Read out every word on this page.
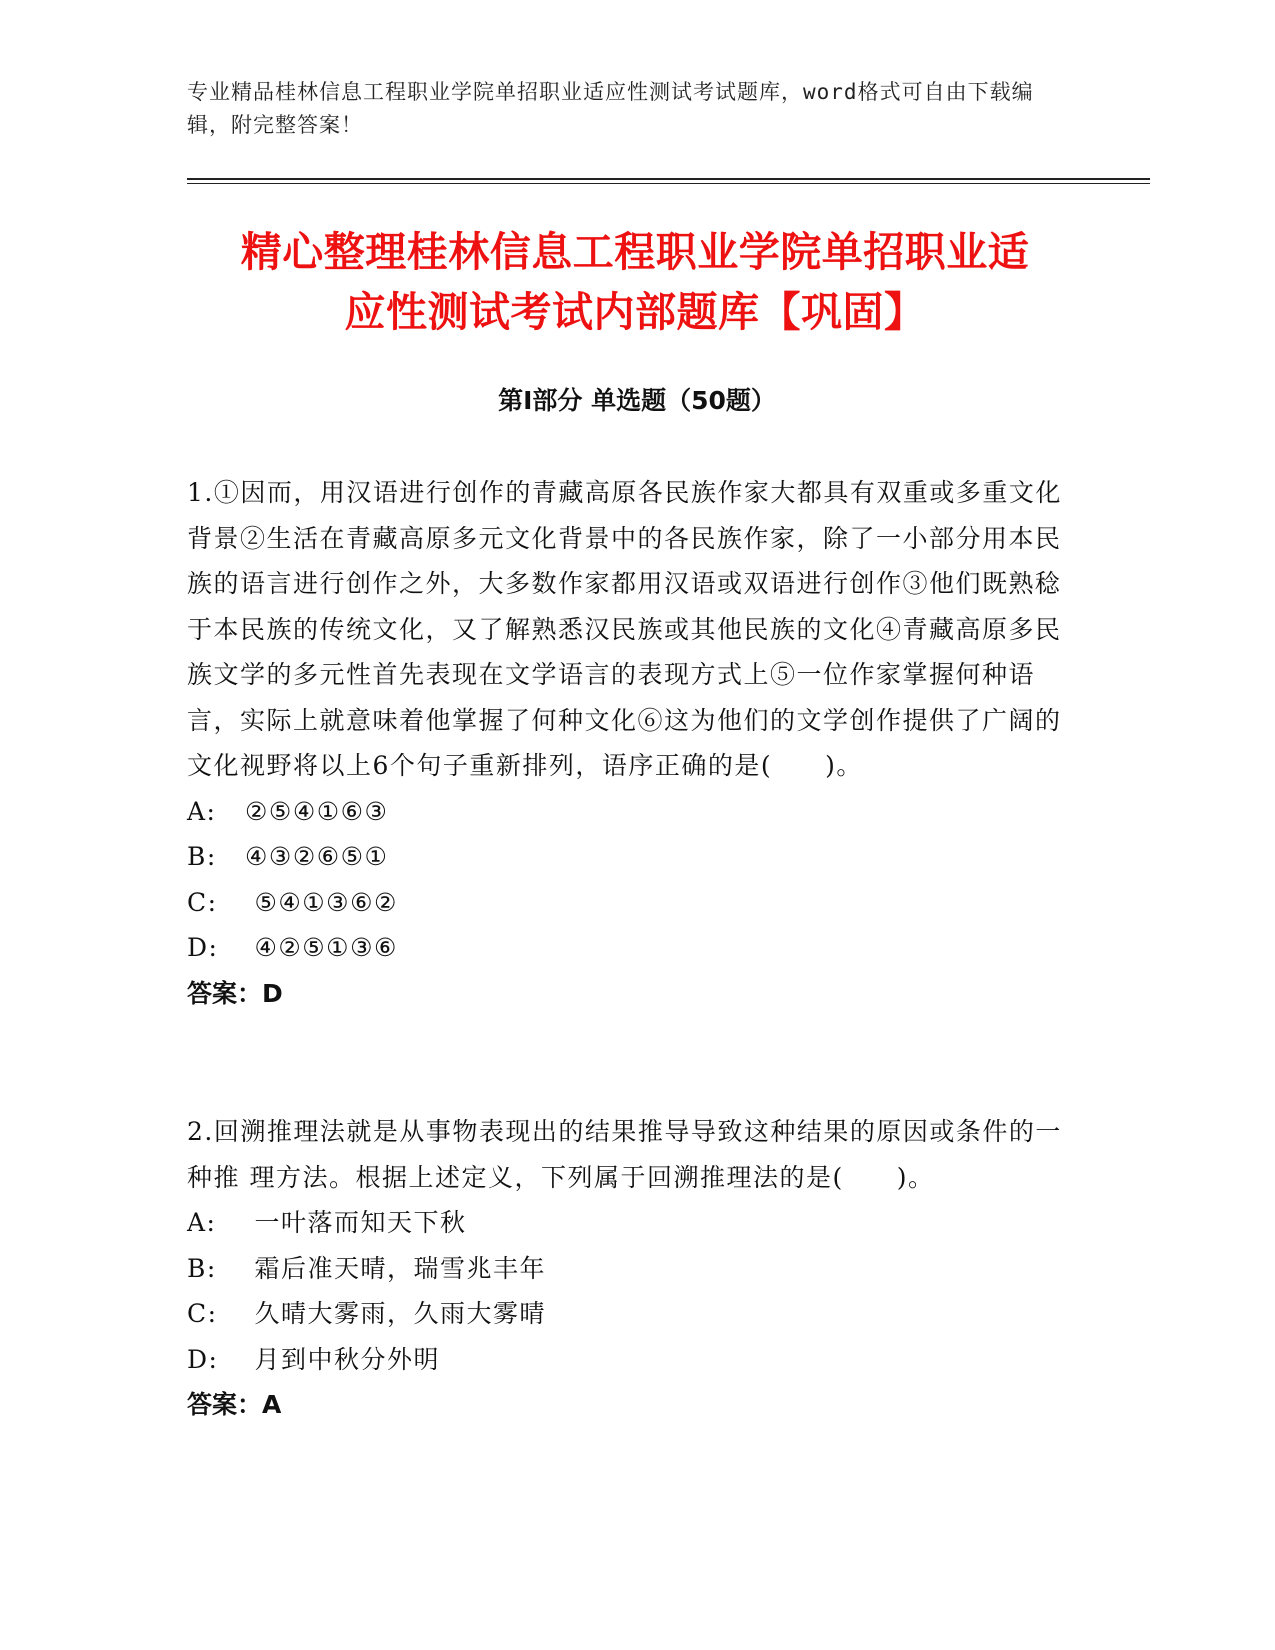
专业精品桂林信息工程职业学院单招职业适应性测试考试题库，word格式可自由下载编辑，附完整答案！
精心整理桂林信息工程职业学院单招职业适
应性测试考试内部题库【巩固】
第Ⅰ部分 单选题（50题）

1.①因而，用汉语进行创作的青藏高原各民族作家大都具有双重或多重文化背景②生活在青藏高原多元文化背景中的各民族作家，除了一小部分用本民族的语言进行创作之外，大多数作家都用汉语或双语进行创作③他们既熟稔于本民族的传统文化，又了解熟悉汉民族或其他民族的文化④青藏高原多民族文学的多元性首先表现在文学语言的表现方式上⑤一位作家掌握何种语言，实际上就意味着他掌握了何种文化⑥这为他们的文学创作提供了广阔的文化视野将以上6个句子重新排列，语序正确的是(　　)。

A: ②⑤④①⑥③

B: ④③②⑥⑤①

C: ⑤④①③⑥②

D: ④②⑤①③⑥

答案：D

2.回溯推理法就是从事物表现出的结果推导导致这种结果的原因或条件的一种推 理方法。根据上述定义，下列属于回溯推理法的是(　　)。

A: 一叶落而知天下秋

B: 霜后准天晴，瑞雪兆丰年

C: 久晴大雾雨，久雨大雾晴

D: 月到中秋分外明

答案：A
